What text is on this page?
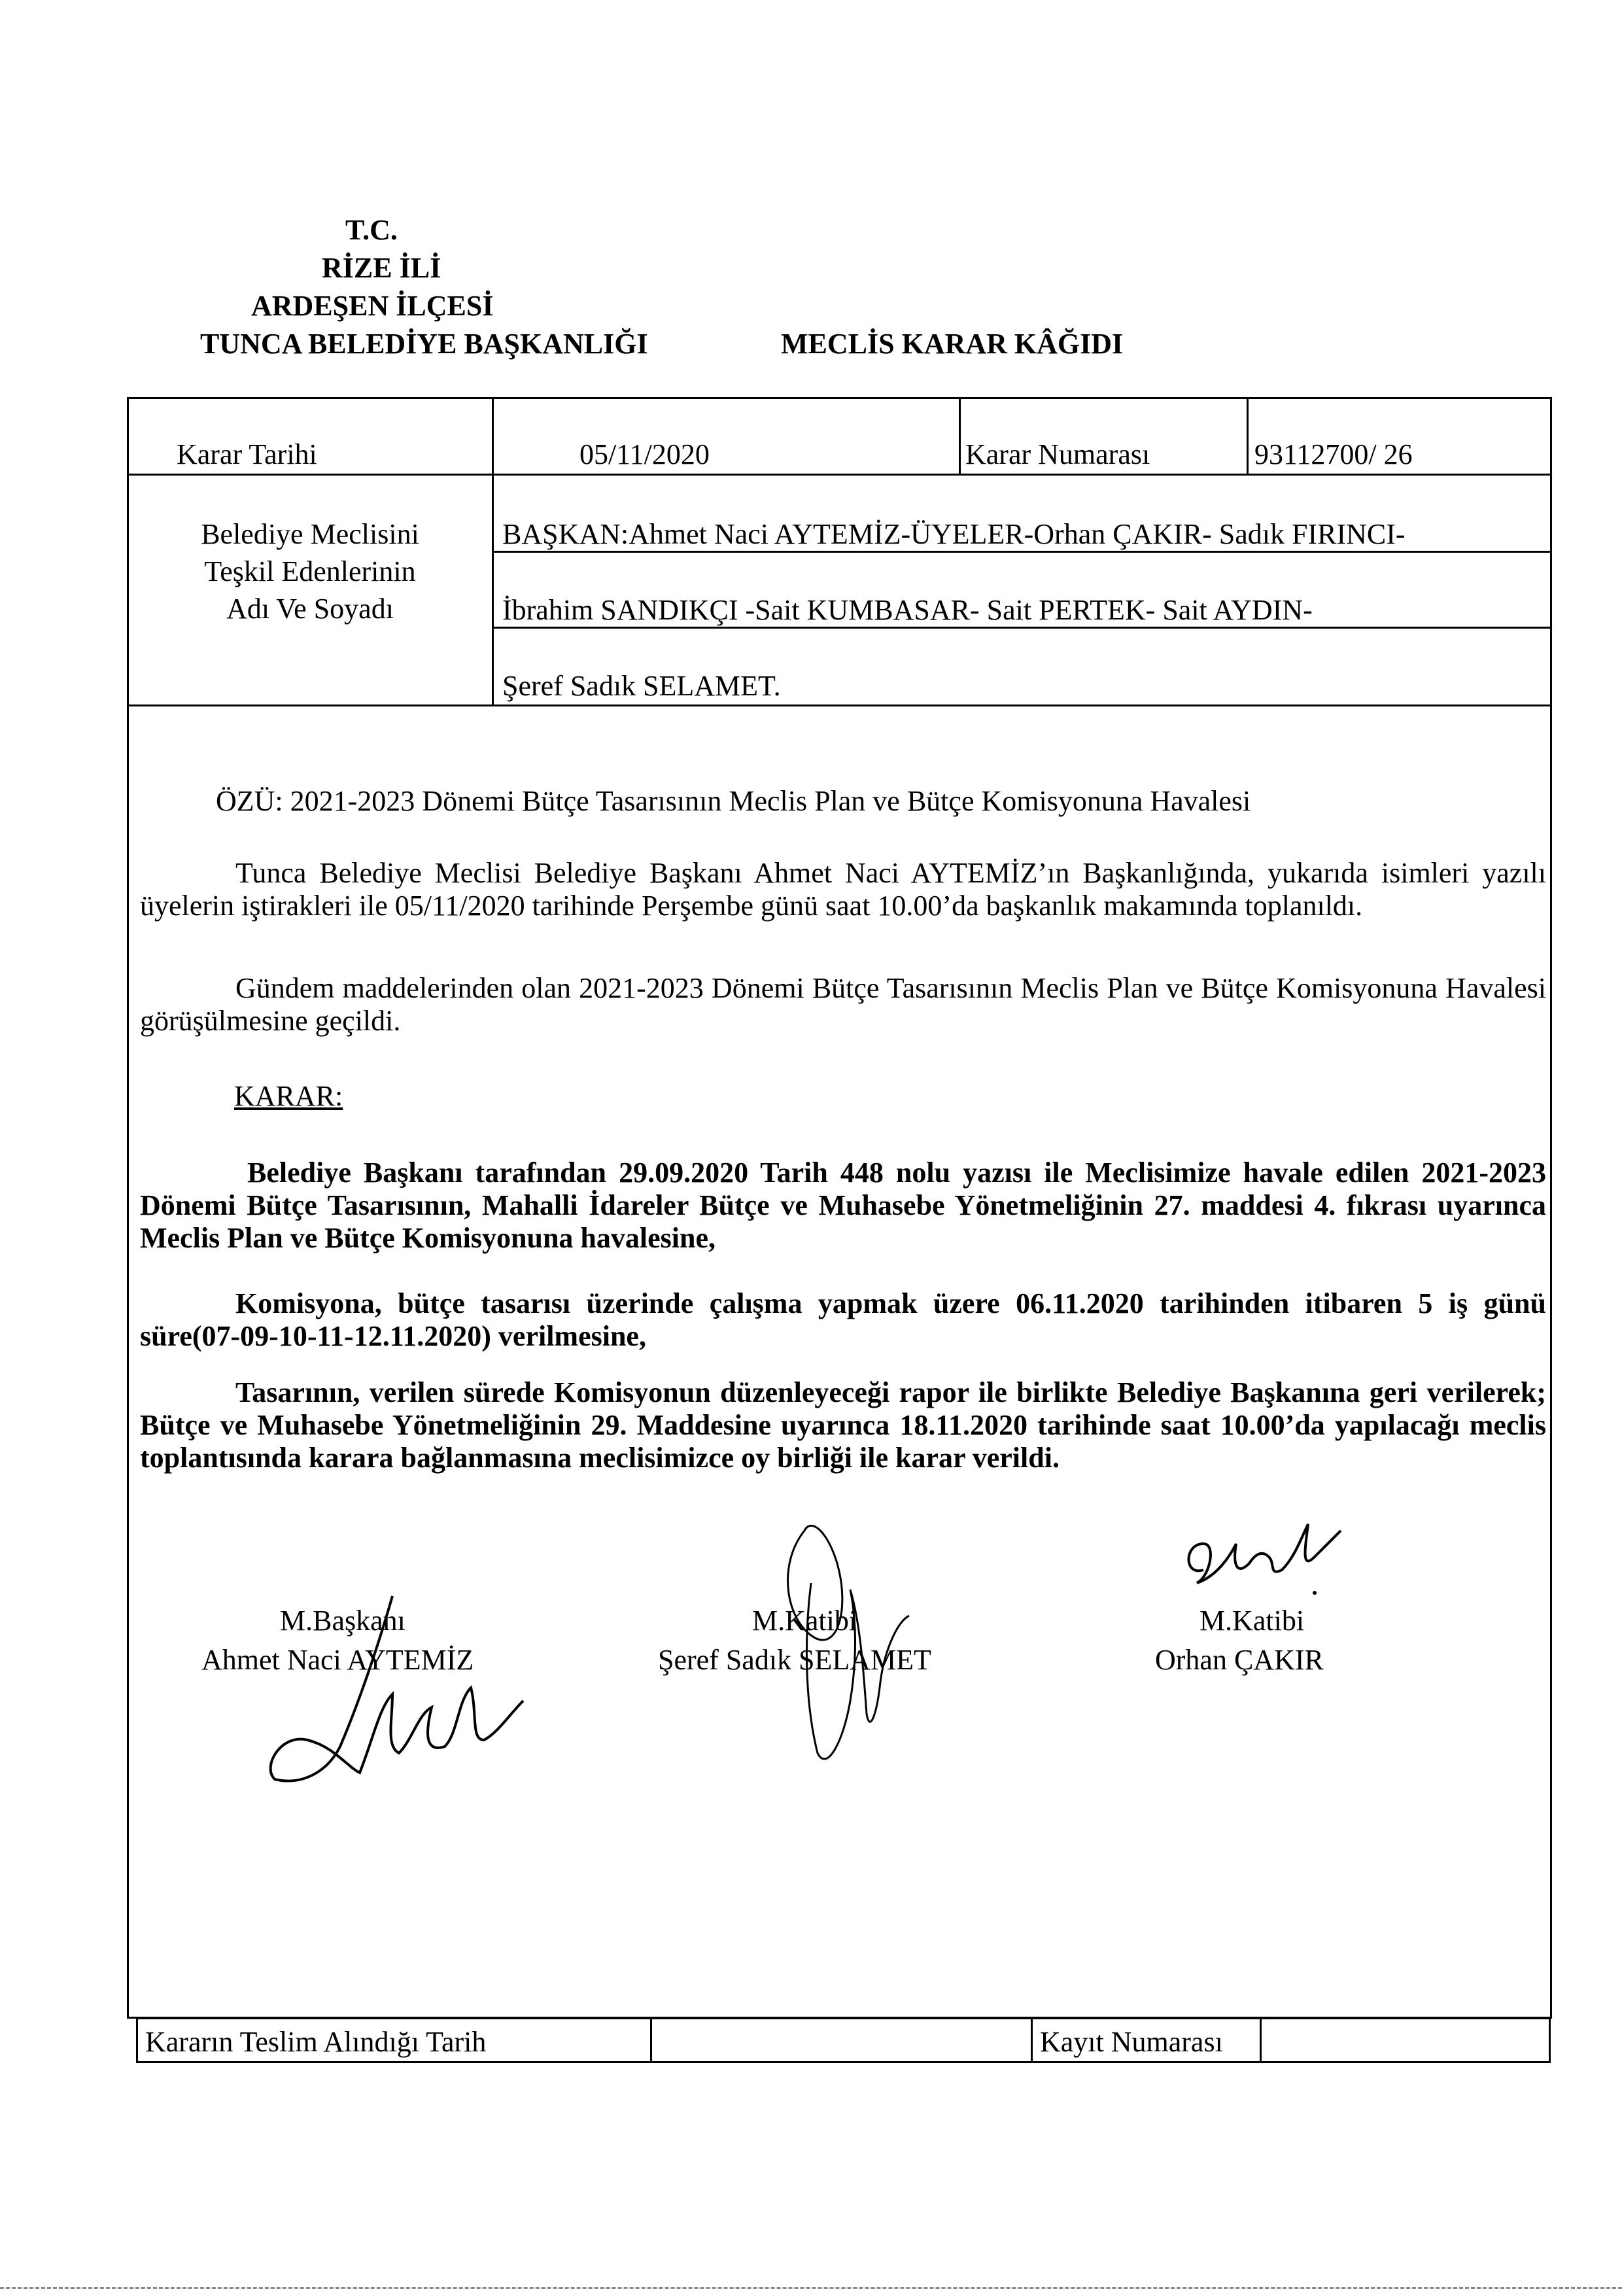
T.C.
RİZE İLİ
ARDEŞEN İLÇESİ
TUNCA BELEDİYE BAŞKANLIĞI	MECLİS KARAR KÂĞIDI
Karar Tarihi	05/11/2020	Karar Numarası	93112700/ 26
Belediye Meclisini
Teşkil Edenlerinin
Adı Ve Soyadı
BAŞKAN:Ahmet Naci AYTEMİZ-ÜYELER-Orhan ÇAKIR- Sadık FIRINCI-
İbrahim SANDIKÇI -Sait KUMBASAR- Sait PERTEK- Sait AYDIN-
Şeref Sadık SELAMET.
ÖZÜ: 2021-2023 Dönemi Bütçe Tasarısının Meclis Plan ve Bütçe Komisyonuna Havalesi
Tunca Belediye Meclisi Belediye Başkanı Ahmet Naci AYTEMİZ’ın Başkanlığında, yukarıda isimleri yazılı üyelerin iştirakleri ile 05/11/2020 tarihinde Perşembe günü saat 10.00’da başkanlık makamında toplanıldı.
Gündem maddelerinden olan 2021-2023 Dönemi Bütçe Tasarısının Meclis Plan ve Bütçe Komisyonuna Havalesi görüşülmesine geçildi.
KARAR:
Belediye Başkanı tarafından 29.09.2020 Tarih 448 nolu yazısı ile Meclisimize havale edilen 2021-2023 Dönemi Bütçe Tasarısının, Mahalli İdareler Bütçe ve Muhasebe Yönetmeliğinin 27. maddesi 4. fıkrası uyarınca Meclis Plan ve Bütçe Komisyonuna havalesine,
Komisyona, bütçe tasarısı üzerinde çalışma yapmak üzere 06.11.2020 tarihinden itibaren 5 iş günü süre(07-09-10-11-12.11.2020) verilmesine,
Tasarının, verilen sürede Komisyonun düzenleyeceği rapor ile birlikte Belediye Başkanına geri verilerek; Bütçe ve Muhasebe Yönetmeliğinin 29. Maddesine uyarınca 18.11.2020 tarihinde saat 10.00’da yapılacağı meclis toplantısında karara bağlanmasına meclisimizce oy birliği ile karar verildi.
M.Başkanı
Ahmet Naci AYTEMİZ
M.Katibi
Şeref Sadık SELAMET
M.Katibi
Orhan ÇAKIR
Kararın Teslim Alındığı Tarih	Kayıt Numarası
